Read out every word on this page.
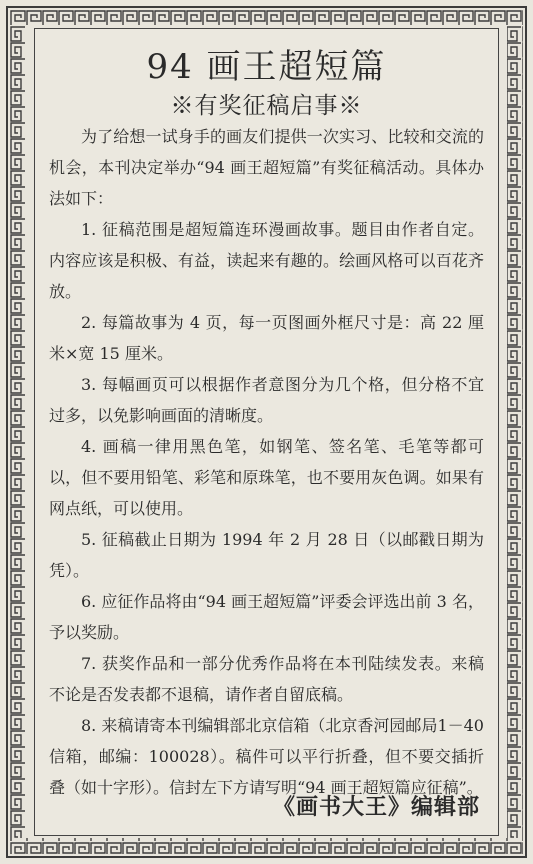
94 画王超短篇
※有奖征稿启事※

为了给想一试身手的画友们提供一次实习、比较和交流的机会，本刊决定举办“94 画王超短篇”有奖征稿活动。具体办法如下：

1. 征稿范围是超短篇连环漫画故事。题目由作者自定。内容应该是积极、有益，读起来有趣的。绘画风格可以百花齐放。

2. 每篇故事为 4 页，每一页图画外框尺寸是：高 22 厘米×宽 15 厘米。

3. 每幅画页可以根据作者意图分为几个格，但分格不宜过多，以免影响画面的清晰度。

4. 画稿一律用黑色笔，如钢笔、签名笔、毛笔等都可以，但不要用铅笔、彩笔和原珠笔，也不要用灰色调。如果有网点纸，可以使用。

5. 征稿截止日期为 1994 年 2 月 28 日（以邮戳日期为凭）。

6. 应征作品将由“94 画王超短篇”评委会评选出前 3 名，予以奖励。

7. 获奖作品和一部分优秀作品将在本刊陆续发表。来稿不论是否发表都不退稿，请作者自留底稿。

8. 来稿请寄本刊编辑部北京信箱（北京香河园邮局1－40 信箱，邮编：100028）。稿件可以平行折叠，但不要交插折叠（如十字形）。信封左下方请写明“94 画王超短篇应征稿”。

《画书大王》编辑部
